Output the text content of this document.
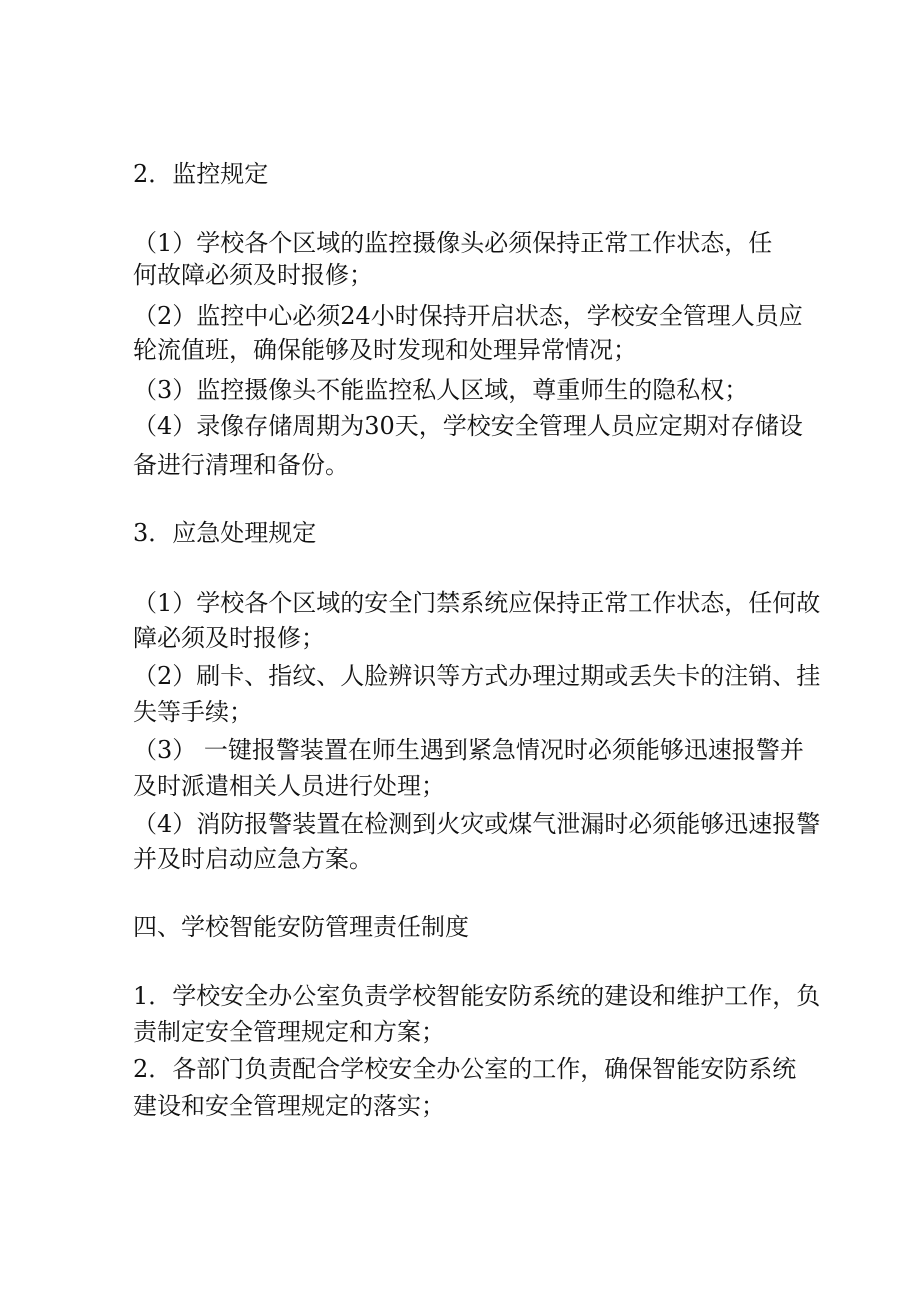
2．监控规定
（1）学校各个区域的监控摄像头必须保持正常工作状态，任
何故障必须及时报修；
（2）监控中心必须24小时保持开启状态，学校安全管理人员应
轮流值班，确保能够及时发现和处理异常情况；
（3）监控摄像头不能监控私人区域，尊重师生的隐私权；
（4）录像存储周期为30天，学校安全管理人员应定期对存储设
备进行清理和备份。
3．应急处理规定
（1）学校各个区域的安全门禁系统应保持正常工作状态，任何故
障必须及时报修；
（2）刷卡、指纹、人脸辨识等方式办理过期或丢失卡的注销、挂
失等手续；
（3） 一键报警装置在师生遇到紧急情况时必须能够迅速报警并
及时派遣相关人员进行处理；
（4）消防报警装置在检测到火灾或煤气泄漏时必须能够迅速报警
并及时启动应急方案。
四、学校智能安防管理责任制度
1．学校安全办公室负责学校智能安防系统的建设和维护工作，负
责制定安全管理规定和方案；
2．各部门负责配合学校安全办公室的工作，确保智能安防系统
建设和安全管理规定的落实；
